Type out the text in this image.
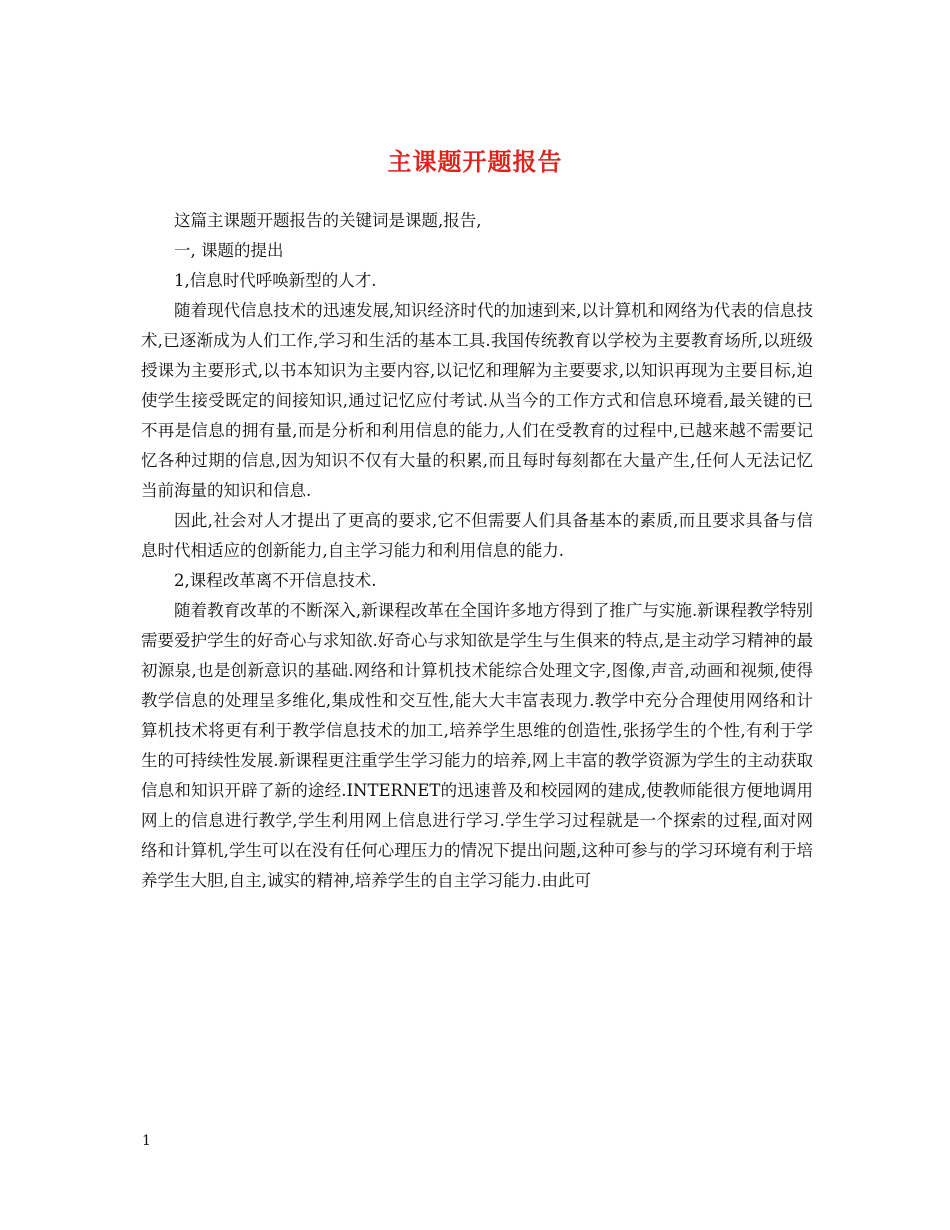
主课题开题报告

这篇主课题开题报告的关键词是课题,报告,

一, 课题的提出

1,信息时代呼唤新型的人才.

随着现代信息技术的迅速发展,知识经济时代的加速到来,以计算机和网络为代表的信息技术,已逐渐成为人们工作,学习和生活的基本工具.我国传统教育以学校为主要教育场所,以班级授课为主要形式,以书本知识为主要内容,以记忆和理解为主要要求,以知识再现为主要目标,迫使学生接受既定的间接知识,通过记忆应付考试.从当今的工作方式和信息环境看,最关键的已不再是信息的拥有量,而是分析和利用信息的能力,人们在受教育的过程中,已越来越不需要记忆各种过期的信息,因为知识不仅有大量的积累,而且每时每刻都在大量产生,任何人无法记忆当前海量的知识和信息.

因此,社会对人才提出了更高的要求,它不但需要人们具备基本的素质,而且要求具备与信息时代相适应的创新能力,自主学习能力和利用信息的能力.

2,课程改革离不开信息技术.

随着教育改革的不断深入,新课程改革在全国许多地方得到了推广与实施.新课程教学特别需要爱护学生的好奇心与求知欲.好奇心与求知欲是学生与生俱来的特点,是主动学习精神的最初源泉,也是创新意识的基础.网络和计算机技术能综合处理文字,图像,声音,动画和视频,使得教学信息的处理呈多维化,集成性和交互性,能大大丰富表现力.教学中充分合理使用网络和计算机技术将更有利于教学信息技术的加工,培养学生思维的创造性,张扬学生的个性,有利于学生的可持续性发展.新课程更注重学生学习能力的培养,网上丰富的教学资源为学生的主动获取信息和知识开辟了新的途经.INTERNET的迅速普及和校园网的建成,使教师能很方便地调用网上的信息进行教学,学生利用网上信息进行学习.学生学习过程就是一个探索的过程,面对网络和计算机,学生可以在没有任何心理压力的情况下提出问题,这种可参与的学习环境有利于培养学生大胆,自主,诚实的精神,培养学生的自主学习能力.由此可

1
